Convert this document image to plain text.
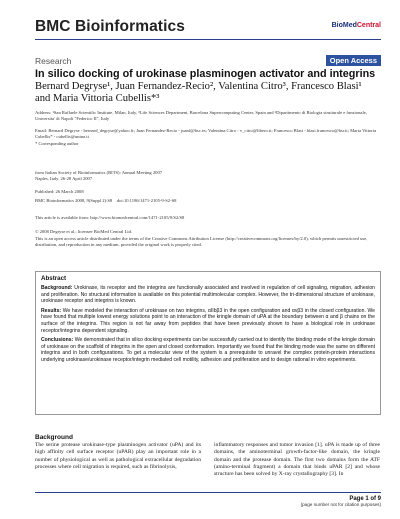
BMC Bioinformatics	BioMedCentral
Research	Open Access
In silico docking of urokinase plasminogen activator and integrins
Bernard Degryse¹, Juan Fernandez-Recio², Valentina Citro³, Francesco Blasi¹ and Maria Vittoria Cubellis*³
Address: ¹San Raffaele Scientific Institute, Milan, Italy, ²Life Sciences Department, Barcelona Supercomputing Center, Spain and ³Dipartimento di Biologia strutturale e funzionale, Universita' di Napoli "Federico II", Italy
Email: Bernard Degryse - bernard_degryse@yahoo.fr; Juan Fernandez-Recio - juanf@bsc.es; Valentina Citro - v_citro@libero.it; Francesco Blasi - blasi.francesco@hsr.it; Maria Vittoria Cubellis* - cubellis@unina.it
* Corresponding author
from Italian Society of Bioinformatics (BITS): Annual Meeting 2007
Naples, Italy. 26-28 April 2007
Published: 26 March 2008
BMC Bioinformatics 2008, 9(Suppl 2):S8    doi:10.1186/1471-2105-9-S2-S8
This article is available from: http://www.biomedcentral.com/1471-2105/9/S2/S8
© 2008 Degryse et al.; licensee BioMed Central Ltd.
This is an open access article distributed under the terms of the Creative Commons Attribution License (http://creativecommons.org/licenses/by/2.0), which permits unrestricted use, distribution, and reproduction in any medium, provided the original work is properly cited.
Abstract

Background: Urokinase, its receptor and the integrins are functionally associated and involved in regulation of cell signaling, migration, adhesion and proliferation. No structural information is available on this potential multimolecular complex. However, the tri-dimensional structure of urokinase, urokinase receptor and integrins is known.

Results: We have modeled the interaction of urokinase on two integrins, αIIbβ3 in the open configuration and αvβ3 in the closed configuration. We have found that multiple lowest energy solutions point to an interaction of the kringle domain of uPA at the boundary between α and β chains on the surface of the integrins. This region is not far away from peptides that have been previously shown to have a biological role in urokinase receptor/integrins dependent signaling.

Conclusions: We demonstrated that in silico docking experiments can be successfully carried out to identify the binding mode of the kringle domain of urokinase on the scaffold of integrins in the open and closed conformation. Importantly we found that the binding mode was the same on different integrins and in both configurations. To get a molecular view of the system is a prerequisite to unravel the complex protein-protein interactions underlying urokinase/urokinase receptor/integrin mediated cell motility, adhesion and proliferation and to design rational in vitro experiments.

Background
The serine protease urokinase-type plasminogen activator (uPA) and its high affinity cell surface receptor (uPAR) play an important role in a number of physiological as well as pathological extracellular degradation processes where cell migration is required, such as fibrinolysis,
inflammatory responses and tumor invasion [1]. uPA is made up of three domains, the aminoterminal growth-factor-like domain, the kringle domain and the protease domain. The first two domains form the ATF (amino-terminal fragment) a domain that binds uPAR [2] and whose structure has been solved by X-ray crystallography [3]. In
Page 1 of 9
(page number not for citation purposes)
